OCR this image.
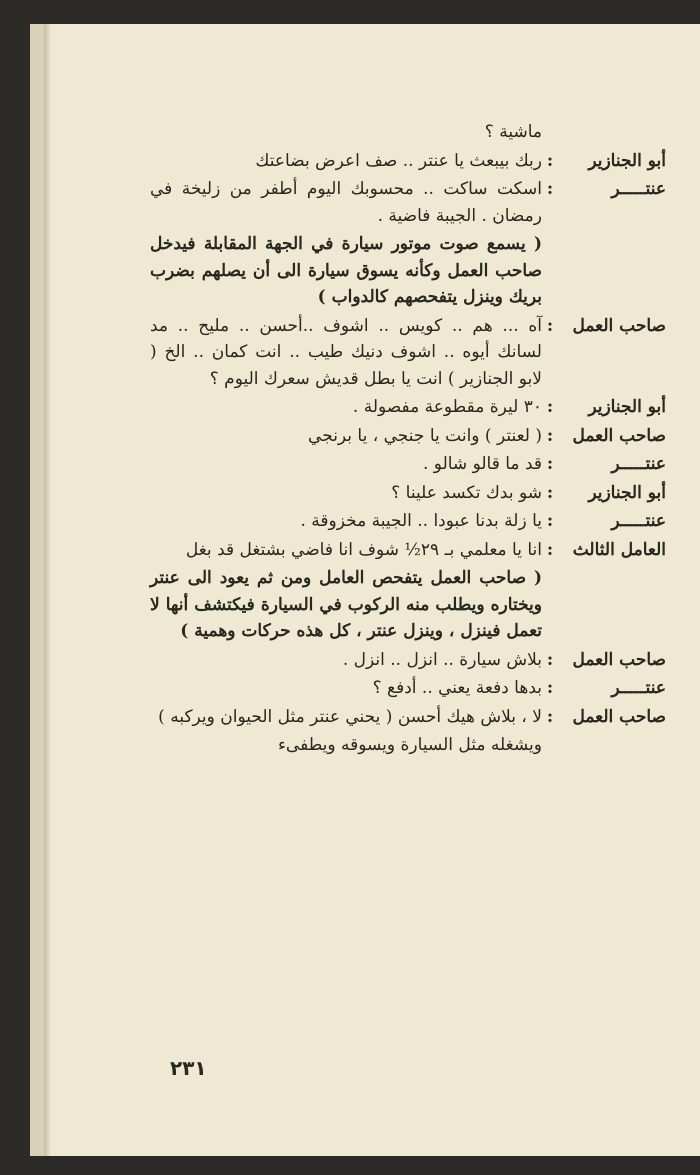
ماشية ؟
أبو الجنازير
:
ربك بيبعث يا عنتر .. صف اعرض بضاعتك
عنتـــــر
:
اسكت ساكت .. محسوبك اليوم أطفر من زليخة في رمضان . الجيبة فاضية .
( يسمع صوت موتور سيارة في الجهة المقابلة فيدخل صاحب العمل وكأنه يسوق سيارة الى أن يصلهم بضرب بريك وينزل يتفحصهم كالدواب )
صاحب العمل
:
آه ... هم .. كويس .. اشوف ..أحسن .. مليح .. مد لسانك أيوه .. اشوف دنيك طيب .. انت كمان .. الخ ( لابو الجنازير ) انت يا بطل قديش سعرك اليوم ؟
أبو الجنازير
:
٣٠ ليرة مقطوعة مفصولة .
صاحب العمل
:
( لعنتر ) وانت يا جنجي ، يا برنجي
عنتـــــر
:
قد ما قالو شالو .
أبو الجنازير
:
شو بدك تكسد علينا ؟
عنتـــــر
:
يا زلة بدنا عبودا .. الجيبة مخزوقة .
العامل الثالث
:
انا يا معلمي بـ ٢٩½ شوف انا فاضي بشتغل قد بغل
( صاحب العمل يتفحص العامل ومن ثم يعود الى عنتر ويختاره ويطلب منه الركوب في السيارة فيكتشف أنها لا تعمل فينزل ، وينزل عنتر ، كل هذه حركات وهمية )
صاحب العمل
:
بلاش سيارة .. انزل .. انزل .
عنتـــــر
:
بدها دفعة يعني .. أدفع ؟
صاحب العمل
:
لا ، بلاش هيك أحسن ( يحني عنتر مثل الحيوان ويركبه )
ويشغله مثل السيارة ويسوقه ويطفىء
٢٣١
